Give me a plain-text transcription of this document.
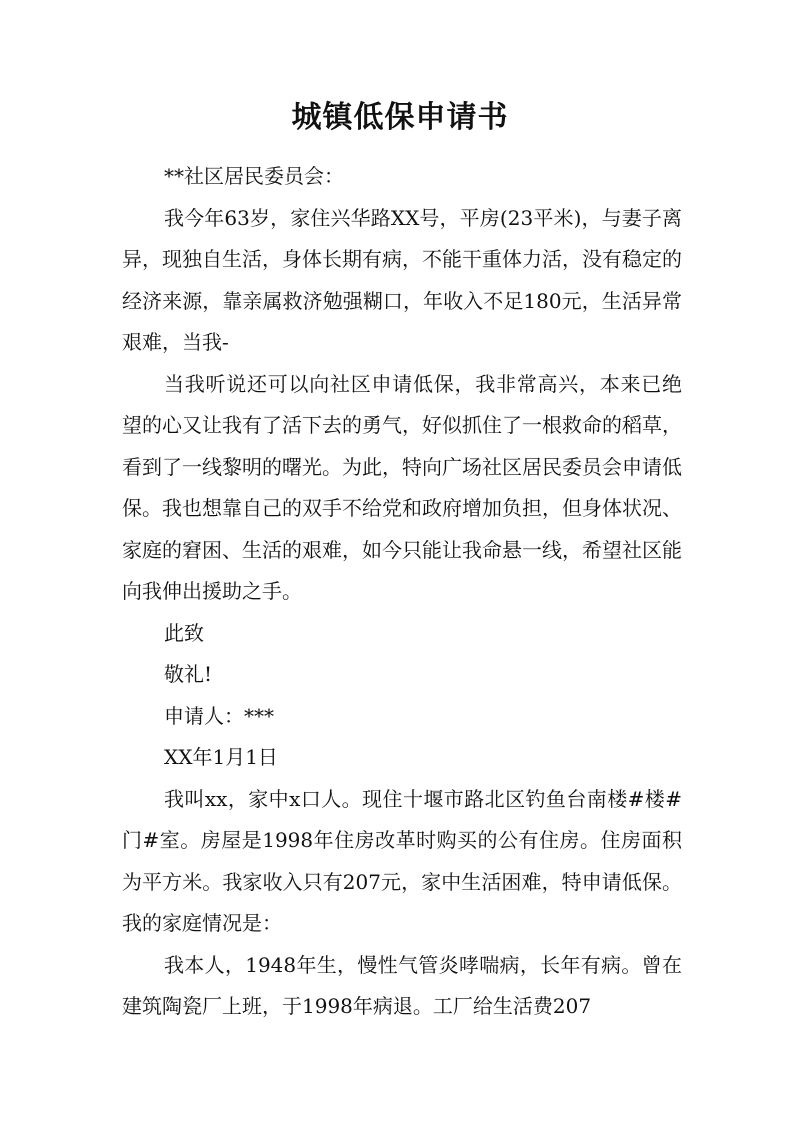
城镇低保申请书

**社区居民委员会：

我今年63岁，家住兴华路XX号，平房(23平米)，与妻子离异，现独自生活，身体长期有病，不能干重体力活，没有稳定的经济来源，靠亲属救济勉强糊口，年收入不足180元，生活异常艰难，当我-

当我听说还可以向社区申请低保，我非常高兴，本来已绝望的心又让我有了活下去的勇气，好似抓住了一根救命的稻草，看到了一线黎明的曙光。为此，特向广场社区居民委员会申请低保。我也想靠自己的双手不给党和政府增加负担，但身体状况、家庭的窘困、生活的艰难，如今只能让我命悬一线，希望社区能向我伸出援助之手。

此致

敬礼!

申请人：***

XX年1月1日

我叫xx，家中x口人。现住十堰市路北区钓鱼台南楼#楼#门#室。房屋是1998年住房改革时购买的公有住房。住房面积为平方米。我家收入只有207元，家中生活困难，特申请低保。我的家庭情况是：

我本人，1948年生，慢性气管炎哮喘病，长年有病。曾在建筑陶瓷厂上班，于1998年病退。工厂给生活费207
